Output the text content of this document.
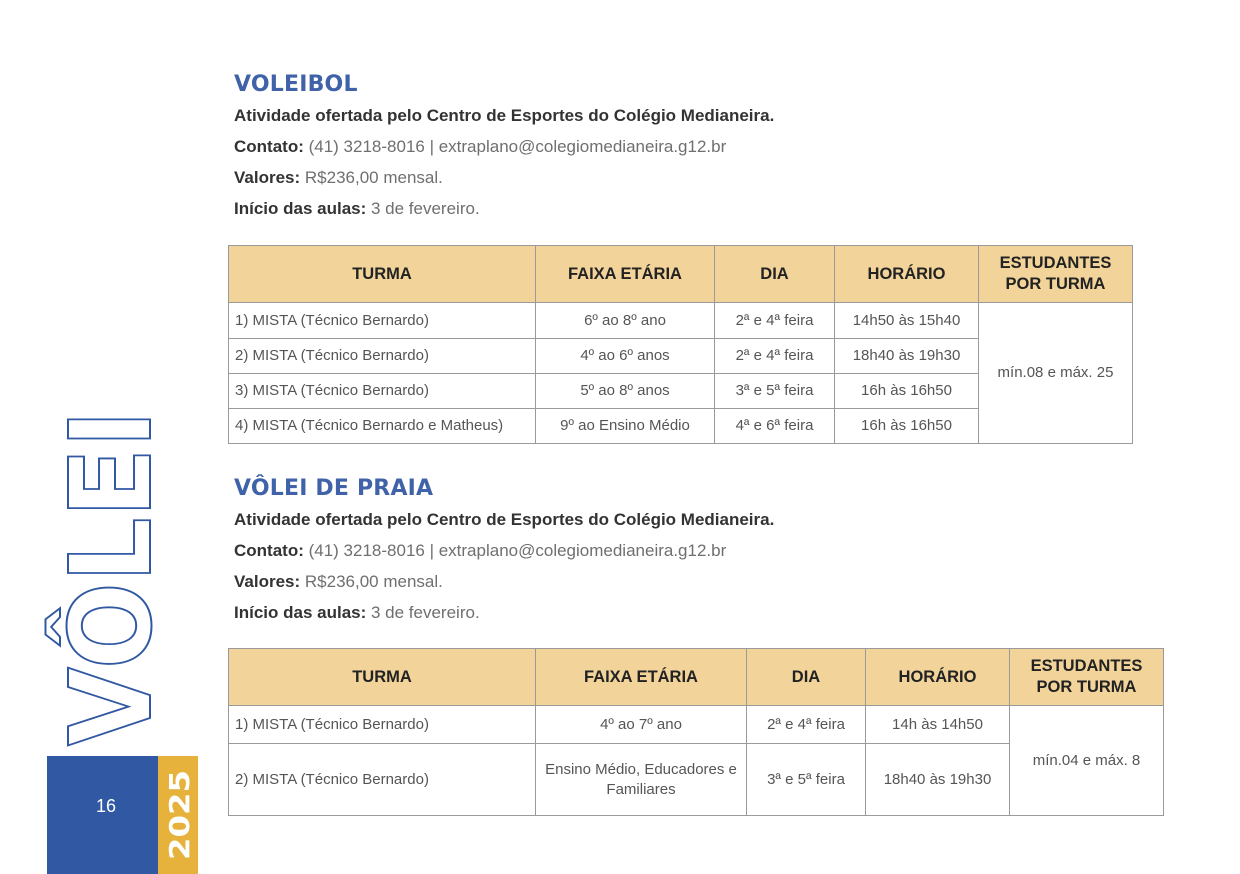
VÔLEI
16	2025
VOLEIBOL
Atividade ofertada pelo Centro de Esportes do Colégio Medianeira.
Contato: (41) 3218-8016 | extraplano@colegiomedianeira.g12.br
Valores: R$236,00 mensal.
Início das aulas: 3 de fevereiro.
TURMA	FAIXA ETÁRIA	DIA	HORÁRIO	ESTUDANTES POR TURMA
1) MISTA (Técnico Bernardo)	6º ao 8º ano	2ª e 4ª feira	14h50 às 15h40	mín.08 e máx. 25
2) MISTA (Técnico Bernardo)	4º ao 6º anos	2ª e 4ª feira	18h40 às 19h30	
3) MISTA (Técnico Bernardo)	5º ao 8º anos	3ª e 5ª feira	16h às 16h50	
4) MISTA (Técnico Bernardo e Matheus)	9º ao Ensino Médio	4ª e 6ª feira	16h às 16h50	
VÔLEI DE PRAIA
Atividade ofertada pelo Centro de Esportes do Colégio Medianeira.
Contato: (41) 3218-8016 | extraplano@colegiomedianeira.g12.br
Valores: R$236,00 mensal.
Início das aulas: 3 de fevereiro.
TURMA	FAIXA ETÁRIA	DIA	HORÁRIO	ESTUDANTES POR TURMA
1) MISTA (Técnico Bernardo)	4º ao 7º ano	2ª e 4ª feira	14h às 14h50	mín.04 e máx. 8
2) MISTA (Técnico Bernardo)	Ensino Médio, Educadores e Familiares	3ª e 5ª feira	18h40 às 19h30	
